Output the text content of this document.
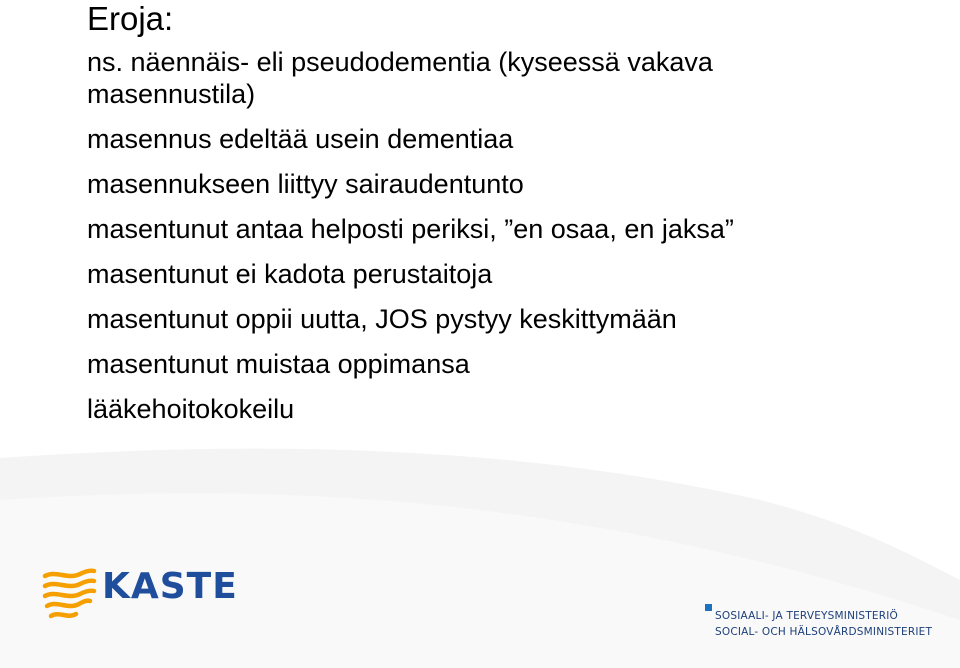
Eroja:
ns. näennäis- eli pseudodementia (kyseessä vakava
masennustila)
masennus edeltää usein dementiaa
masennukseen liittyy sairaudentunto
masentunut antaa helposti periksi, ”en osaa, en jaksa”
masentunut ei kadota perustaitoja
masentunut oppii uutta, JOS pystyy keskittymään
masentunut muistaa oppimansa
lääkehoitokokeilu
KASTE
SOSIAALI- JA TERVEYSMINISTERIÖ
SOCIAL- OCH HÄLSOVÅRDSMINISTERIET
